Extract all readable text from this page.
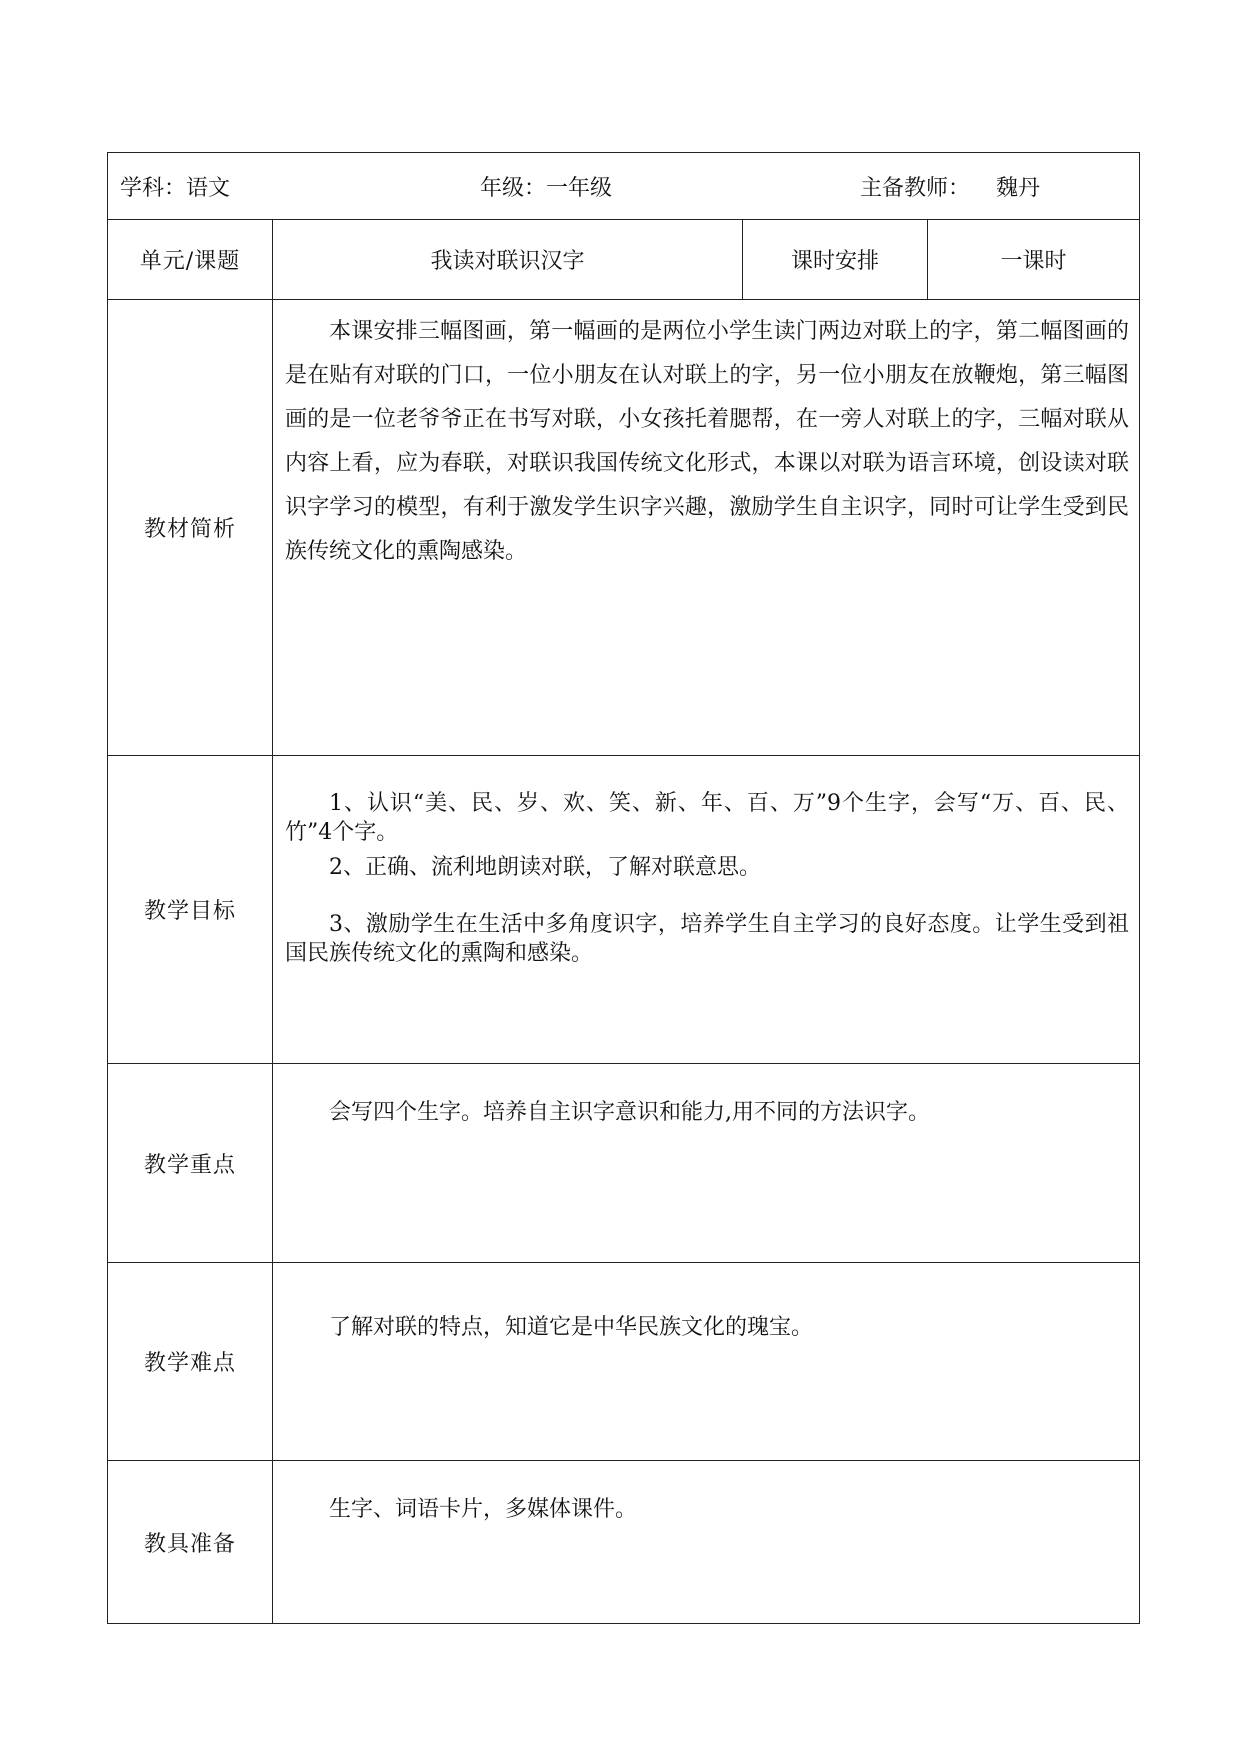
学科：语文 年级：一年级 主备教师： 魏丹			

单元/课题	我读对联识汉字	课时安排	一课时
教材简析	本课安排三幅图画，第一幅画的是两位小学生读门两边对联上的字，第二幅图画的是在贴有对联的门口，一位小朋友在认对联上的字，另一位小朋友在放鞭炮，第三幅图画的是一位老爷爷正在书写对联，小女孩托着腮帮，在一旁人对联上的字，三幅对联从内容上看，应为春联，对联识我国传统文化形式，本课以对联为语言环境，创设读对联识字学习的模型，有利于激发学生识字兴趣，激励学生自主识字，同时可让学生受到民族传统文化的熏陶感染。		

教学目标	1、认识“美、民、岁、欢、笑、新、年、百、万”9个生字，会写“万、百、民、竹”4个字。

2、正确、流利地朗读对联，了解对联意思。

3、激励学生在生活中多角度识字，培养学生自主学习的良好态度。让学生受到祖国民族传统文化的熏陶和感染。		

教学重点	会写四个生字。培养自主识字意识和能力,用不同的方法识字。		

教学难点	了解对联的特点，知道它是中华民族文化的瑰宝。		

教具准备	生字、词语卡片，多媒体课件。		
